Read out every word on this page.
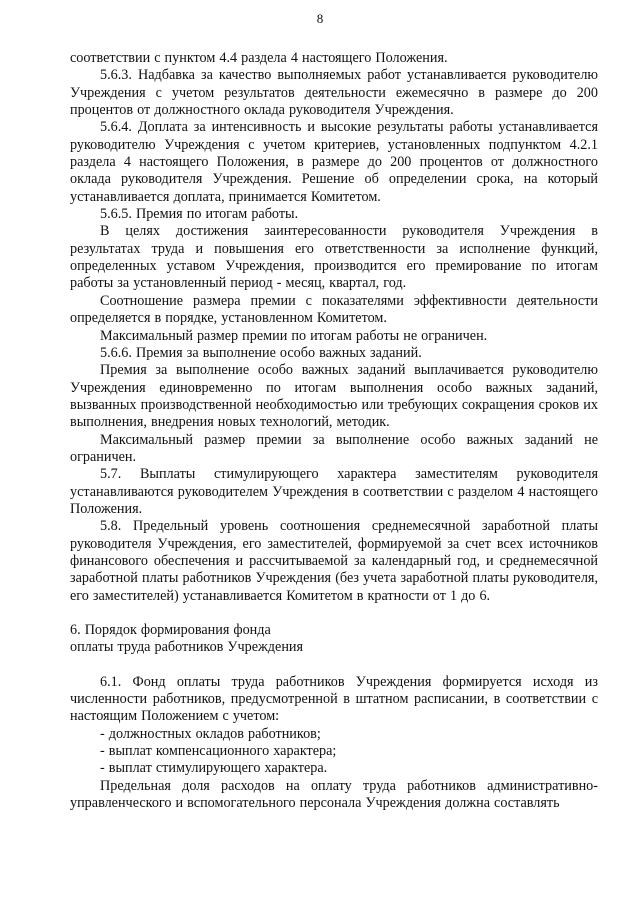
8

соответствии с пунктом 4.4 раздела 4 настоящего Положения.

5.6.3. Надбавка за качество выполняемых работ устанавливается руководителю Учреждения с учетом результатов деятельности ежемесячно в размере до 200 процентов от должностного оклада руководителя Учреждения.

5.6.4. Доплата за интенсивность и высокие результаты работы устанавливается руководителю Учреждения с учетом критериев, установленных подпунктом 4.2.1 раздела 4 настоящего Положения, в размере до 200 процентов от должностного оклада руководителя Учреждения. Решение об определении срока, на который устанавливается доплата, принимается Комитетом.

5.6.5. Премия по итогам работы.

В целях достижения заинтересованности руководителя Учреждения в результатах труда и повышения его ответственности за исполнение функций, определенных уставом Учреждения, производится его премирование по итогам работы за установленный период - месяц, квартал, год.

Соотношение размера премии с показателями эффективности деятельности определяется в порядке, установленном Комитетом.

Максимальный размер премии по итогам работы не ограничен.

5.6.6. Премия за выполнение особо важных заданий.

Премия за выполнение особо важных заданий выплачивается руководителю Учреждения единовременно по итогам выполнения особо важных заданий, вызванных производственной необходимостью или требующих сокращения сроков их выполнения, внедрения новых технологий, методик.

Максимальный размер премии за выполнение особо важных заданий не ограничен.

5.7. Выплаты стимулирующего характера заместителям руководителя устанавливаются руководителем Учреждения в соответствии с разделом 4 настоящего Положения.

5.8. Предельный уровень соотношения среднемесячной заработной платы руководителя Учреждения, его заместителей, формируемой за счет всех источников финансового обеспечения и рассчитываемой за календарный год, и среднемесячной заработной платы работников Учреждения (без учета заработной платы руководителя, его заместителей) устанавливается Комитетом в кратности от 1 до 6.

6. Порядок формирования фонда

оплаты труда работников Учреждения

6.1. Фонд оплаты труда работников Учреждения формируется исходя из численности работников, предусмотренной в штатном расписании, в соответствии с настоящим Положением с учетом:

- должностных окладов работников;

- выплат компенсационного характера;

- выплат стимулирующего характера.

Предельная доля расходов на оплату труда работников административно-управленческого и вспомогательного персонала Учреждения должна составлять
